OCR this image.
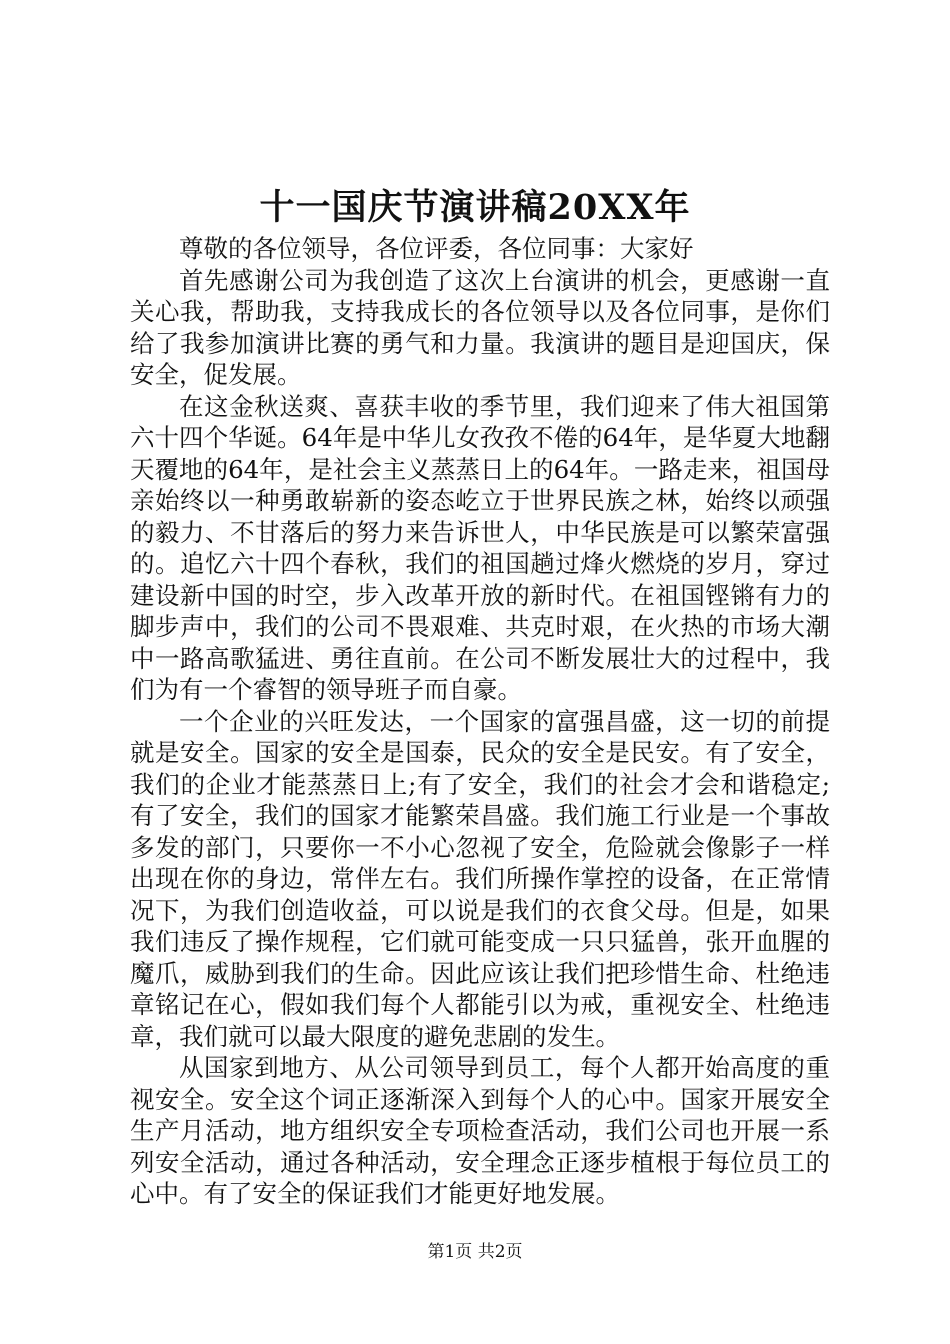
十一国庆节演讲稿20XX年

尊敬的各位领导，各位评委，各位同事：大家好

首先感谢公司为我创造了这次上台演讲的机会，更感谢一直关心我，帮助我，支持我成长的各位领导以及各位同事，是你们给了我参加演讲比赛的勇气和力量。我演讲的题目是迎国庆，保安全，促发展。

在这金秋送爽、喜获丰收的季节里，我们迎来了伟大祖国第六十四个华诞。64年是中华儿女孜孜不倦的64年，是华夏大地翻天覆地的64年，是社会主义蒸蒸日上的64年。一路走来，祖国母亲始终以一种勇敢崭新的姿态屹立于世界民族之林，始终以顽强的毅力、不甘落后的努力来告诉世人，中华民族是可以繁荣富强的。追忆六十四个春秋，我们的祖国趟过烽火燃烧的岁月，穿过建设新中国的时空，步入改革开放的新时代。在祖国铿锵有力的脚步声中，我们的公司不畏艰难、共克时艰，在火热的市场大潮中一路高歌猛进、勇往直前。在公司不断发展壮大的过程中，我们为有一个睿智的领导班子而自豪。

一个企业的兴旺发达，一个国家的富强昌盛，这一切的前提就是安全。国家的安全是国泰，民众的安全是民安。有了安全，我们的企业才能蒸蒸日上;有了安全，我们的社会才会和谐稳定;有了安全，我们的国家才能繁荣昌盛。我们施工行业是一个事故多发的部门，只要你一不小心忽视了安全，危险就会像影子一样出现在你的身边，常伴左右。我们所操作掌控的设备，在正常情况下，为我们创造收益，可以说是我们的衣食父母。但是，如果我们违反了操作规程，它们就可能变成一只只猛兽，张开血腥的魔爪，威胁到我们的生命。因此应该让我们把珍惜生命、杜绝违章铭记在心，假如我们每个人都能引以为戒，重视安全、杜绝违章，我们就可以最大限度的避免悲剧的发生。

从国家到地方、从公司领导到员工，每个人都开始高度的重视安全。安全这个词正逐渐深入到每个人的心中。国家开展安全生产月活动，地方组织安全专项检查活动，我们公司也开展一系列安全活动，通过各种活动，安全理念正逐步植根于每位员工的心中。有了安全的保证我们才能更好地发展。

第1页 共2页
